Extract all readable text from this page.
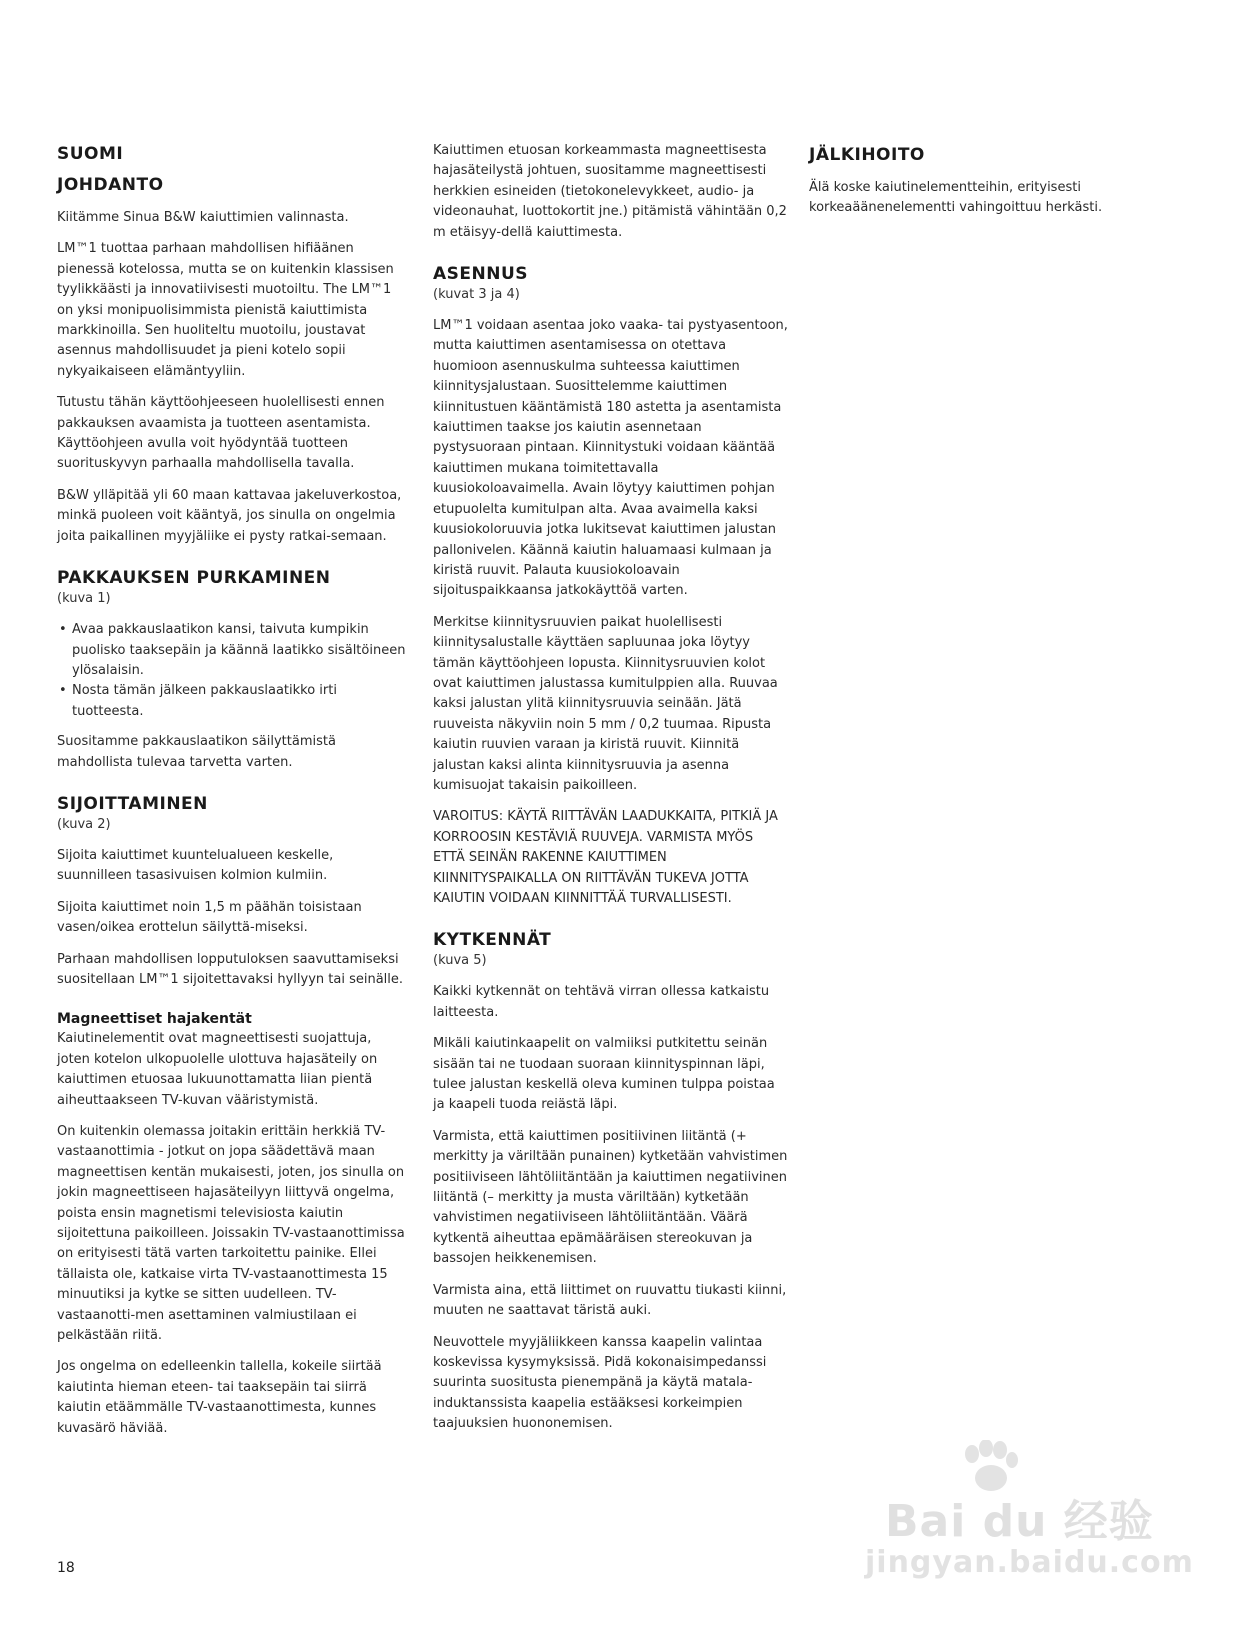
SUOMI
JOHDANTO

Kiitämme Sinua B&W kaiuttimien valinnasta.

LM™1 tuottaa parhaan mahdollisen hifiäänen pienessä kotelossa, mutta se on kuitenkin klassisen tyylikkäästi ja innovatiivisesti muotoiltu. The LM™1 on yksi monipuolisimmista pienistä kaiuttimista markkinoilla. Sen huoliteltu muotoilu, joustavat asennus mahdollisuudet ja pieni kotelo sopii nykyaikaiseen elämäntyyliin.

Tutustu tähän käyttöohjeeseen huolellisesti ennen pakkauksen avaamista ja tuotteen asentamista. Käyttöohjeen avulla voit hyödyntää tuotteen suorituskyvyn parhaalla mahdollisella tavalla.

B&W ylläpitää yli 60 maan kattavaa jakeluverkostoa, minkä puoleen voit kääntyä, jos sinulla on ongelmia joita paikallinen myyjäliike ei pysty ratkai-semaan.

PAKKAUKSEN PURKAMINEN
(kuva 1)
• Avaa pakkauslaatikon kansi, taivuta kumpikin puolisko taaksepäin ja käännä laatikko sisältöineen ylösalaisin.
• Nosta tämän jälkeen pakkauslaatikko irti tuotteesta.

Suositamme pakkauslaatikon säilyttämistä mahdollista tulevaa tarvetta varten.

SIJOITTAMINEN
(kuva 2)

Sijoita kaiuttimet kuuntelualueen keskelle, suunnilleen tasasivuisen kolmion kulmiin.

Sijoita kaiuttimet noin 1,5 m päähän toisistaan vasen/oikea erottelun säilyttä-miseksi.

Parhaan mahdollisen lopputuloksen saavuttamiseksi suositellaan LM™1 sijoitettavaksi hyllyyn tai seinälle.

Magneettiset hajakentät

Kaiutinelementit ovat magneettisesti suojattuja, joten kotelon ulkopuolelle ulottuva hajasäteily on kaiuttimen etuosaa lukuunottamatta liian pientä aiheuttaakseen TV-kuvan vääristymistä.

On kuitenkin olemassa joitakin erittäin herkkiä TV-vastaanottimia - jotkut on jopa säädettävä maan magneettisen kentän mukaisesti, joten, jos sinulla on jokin magneettiseen hajasäteilyyn liittyvä ongelma, poista ensin magnetismi televisiosta kaiutin sijoitettuna paikoilleen. Joissakin TV-vastaanottimissa on erityisesti tätä varten tarkoitettu painike. Ellei tällaista ole, katkaise virta TV-vastaanottimesta 15 minuutiksi ja kytke se sitten uudelleen. TV-vastaanotti-men asettaminen valmiustilaan ei pelkästään riitä.

Jos ongelma on edelleenkin tallella, kokeile siirtää kaiutinta hieman eteen- tai taaksepäin tai siirrä kaiutin etäämmälle TV-vastaanottimesta, kunnes kuvasärö häviää.

Kaiuttimen etuosan korkeammasta magneettisesta hajasäteilystä johtuen, suositamme magneettisesti herkkien esineiden (tietokonelevykkeet, audio- ja videonauhat, luottokortit jne.) pitämistä vähintään 0,2 m etäisyy-dellä kaiuttimesta.

ASENNUS
(kuvat 3 ja 4)

LM™1 voidaan asentaa joko vaaka- tai pystyasentoon, mutta kaiuttimen asentamisessa on otettava huomioon asennuskulma suhteessa kaiuttimen kiinnitysjalustaan. Suosittelemme kaiuttimen kiinnitustuen kääntämistä 180 astetta ja asentamista kaiuttimen taakse jos kaiutin asennetaan pystysuoraan pintaan. Kiinnitystuki voidaan kääntää kaiuttimen mukana toimitettavalla kuusiokoloavaimella. Avain löytyy kaiuttimen pohjan etupuolelta kumitulpan alta. Avaa avaimella kaksi kuusiokoloruuvia jotka lukitsevat kaiuttimen jalustan pallonivelen. Käännä kaiutin haluamaasi kulmaan ja kiristä ruuvit. Palauta kuusiokoloavain sijoituspaikkaansa jatkokäyttöä varten.

Merkitse kiinnitysruuvien paikat huolellisesti kiinnitysalustalle käyttäen sapluunaa joka löytyy tämän käyttöohjeen lopusta. Kiinnitysruuvien kolot ovat kaiuttimen jalustassa kumitulppien alla. Ruuvaa kaksi jalustan ylitä kiinnitysruuvia seinään. Jätä ruuveista näkyviin noin 5 mm / 0,2 tuumaa. Ripusta kaiutin ruuvien varaan ja kiristä ruuvit. Kiinnitä jalustan kaksi alinta kiinnitysruuvia ja asenna kumisuojat takaisin paikoilleen.

VAROITUS: KÄYTÄ RIITTÄVÄN LAADUKKAITA, PITKIÄ JA KORROOSIN KESTÄVIÄ RUUVEJA. VARMISTA MYÖS ETTÄ SEINÄN RAKENNE KAIUTTIMEN KIINNITYSPAIKALLA ON RIITTÄVÄN TUKEVA JOTTA KAIUTIN VOIDAAN KIINNITTÄÄ TURVALLISESTI.

KYTKENNÄT
(kuva 5)

Kaikki kytkennät on tehtävä virran ollessa katkaistu laitteesta.

Mikäli kaiutinkaapelit on valmiiksi putkitettu seinän sisään tai ne tuodaan suoraan kiinnityspinnan läpi, tulee jalustan keskellä oleva kuminen tulppa poistaa ja kaapeli tuoda reiästä läpi.

Varmista, että kaiuttimen positiivinen liitäntä (+ merkitty ja väriltään punainen) kytketään vahvistimen positiiviseen lähtöliitäntään ja kaiuttimen negatiivinen liitäntä (– merkitty ja musta väriltään) kytketään vahvistimen negatiiviseen lähtöliitäntään. Väärä kytkentä aiheuttaa epämääräisen stereokuvan ja bassojen heikkenemisen.

Varmista aina, että liittimet on ruuvattu tiukasti kiinni, muuten ne saattavat täristä auki.

Neuvottele myyjäliikkeen kanssa kaapelin valintaa koskevissa kysymyksissä. Pidä kokonaisimpedanssi suurinta suositusta pienempänä ja käytä matala-induktanssista kaapelia estääksesi korkeimpien taajuuksien huononemisen.

JÄLKIHOITO

Älä koske kaiutinelementteihin, erityisesti korkeaäänenelementti vahingoittuu herkästi.

18
Bai du 经验
jingyan.baidu.com
